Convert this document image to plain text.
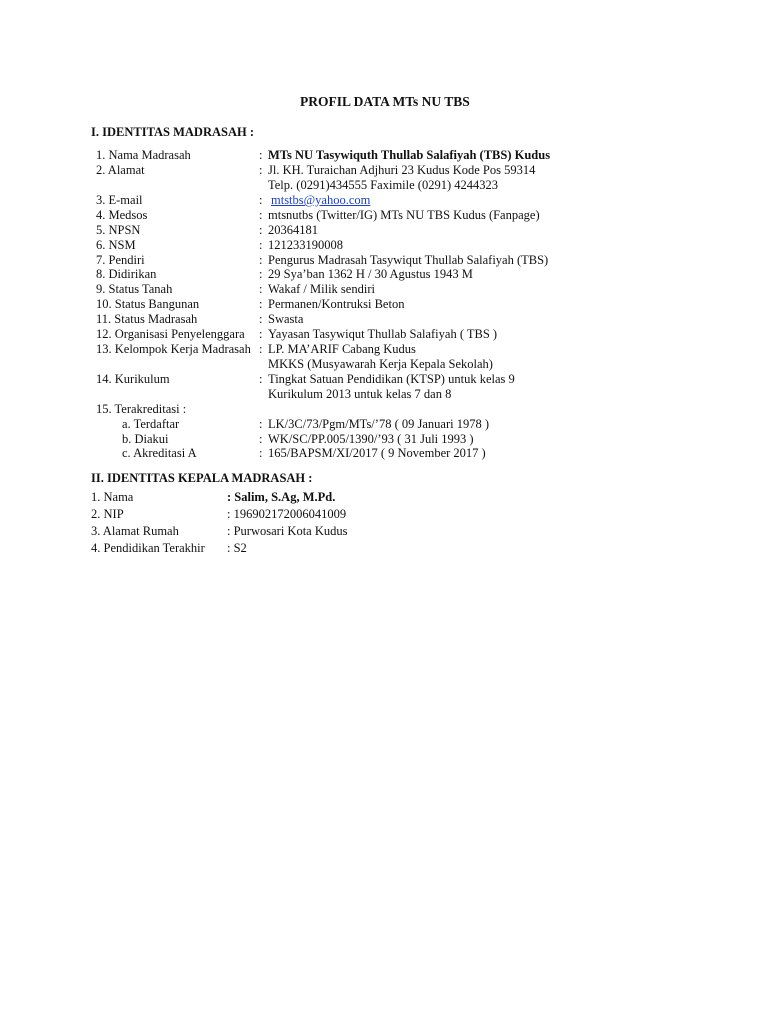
PROFIL DATA MTs NU TBS
I. IDENTITAS MADRASAH :
1. Nama Madrasah	: MTs NU Tasywiquth Thullab Salafiyah (TBS) Kudus
2. Alamat	: Jl. KH. Turaichan Adjhuri 23 Kudus Kode Pos 59314
Telp. (0291)434555 Faximile (0291) 4244323
3. E-mail	: mtstbs@yahoo.com
4. Medsos	: mtsnutbs (Twitter/IG) MTs NU TBS Kudus (Fanpage)
5. NPSN	: 20364181
6. NSM	: 121233190008
7. Pendiri	: Pengurus Madrasah Tasywiqut Thullab Salafiyah (TBS)
8. Didirikan	: 29 Sya’ban 1362 H / 30 Agustus 1943 M
9. Status Tanah	: Wakaf / Milik sendiri
10. Status Bangunan	: Permanen/Kontruksi Beton
11. Status Madrasah	: Swasta
12. Organisasi Penyelenggara : Yayasan Tasywiqut Thullab Salafiyah ( TBS )
13. Kelompok Kerja Madrasah : LP. MA’ARIF Cabang Kudus
MKKS (Musyawarah Kerja Kepala Sekolah)
14. Kurikulum	: Tingkat Satuan Pendidikan (KTSP) untuk kelas 9
Kurikulum 2013 untuk kelas 7 dan 8
15. Terakreditasi :
a. Terdaftar	: LK/3C/73/Pgm/MTs/’78 ( 09 Januari 1978 )
b. Diakui	: WK/SC/PP.005/1390/’93 ( 31 Juli 1993 )
c. Akreditasi A	: 165/BAPSM/XI/2017 ( 9 November 2017 )
II. IDENTITAS KEPALA MADRASAH :
1. Nama	: Salim, S.Ag, M.Pd.
2. NIP	: 196902172006041009
3. Alamat Rumah	: Purwosari Kota Kudus
4. Pendidikan Terakhir : S2
